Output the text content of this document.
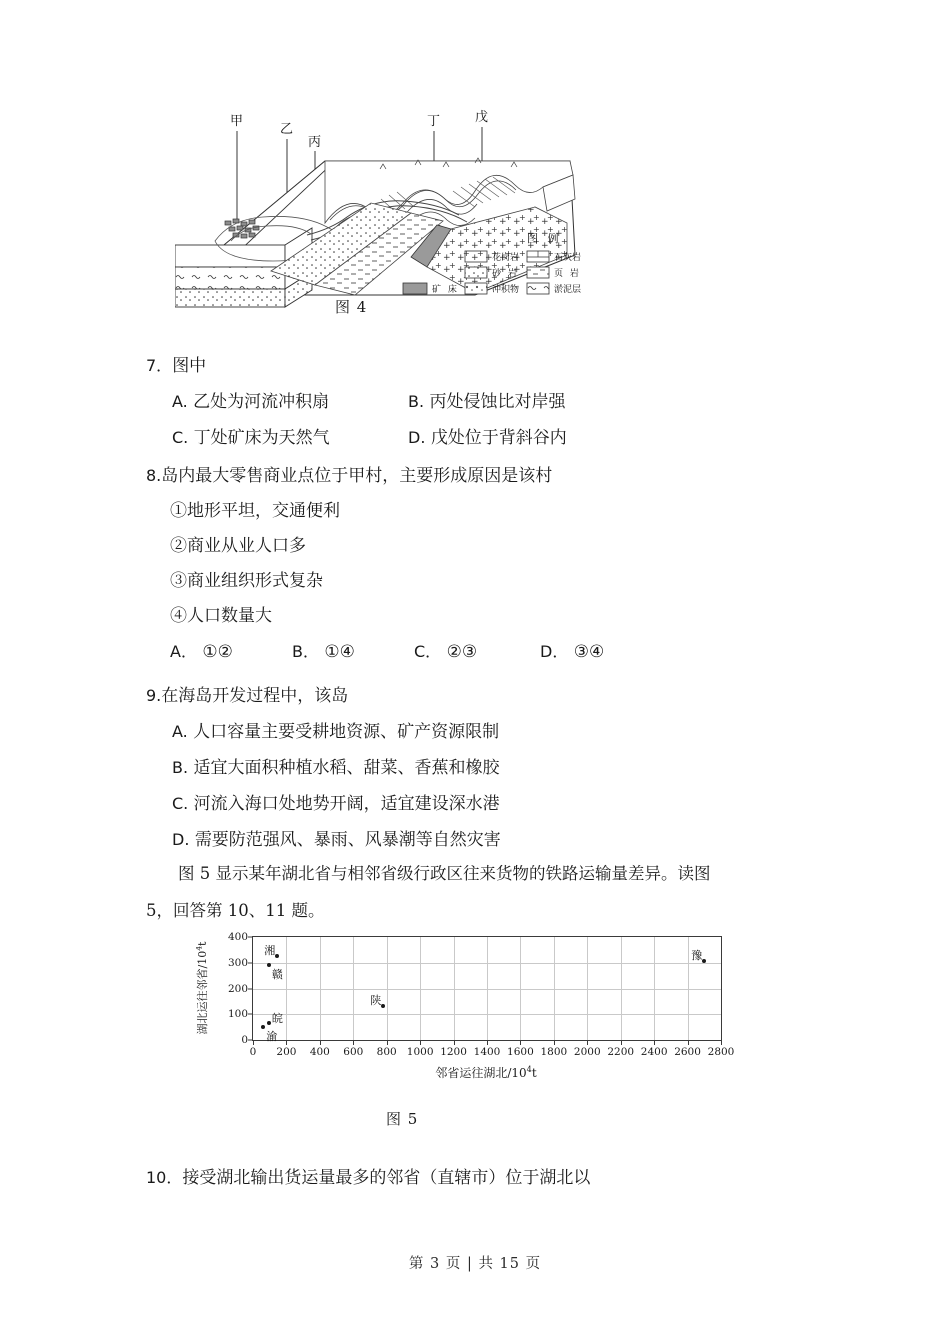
甲
乙
丙
丁	戊
图 例
花岗岩	石灰岩
砂 岩	页 岩
矿 床	冲积物	淤泥层
图 4
7．图中
A. 乙处为河流冲积扇	B. 丙处侵蚀比对岸强
C. 丁处矿床为天然气	D. 戊处位于背斜谷内
8.岛内最大零售商业点位于甲村，主要形成原因是该村
①地形平坦，交通便利
②商业从业人口多
③商业组织形式复杂
④人口数量大
A． ①②	B． ①④	C． ②③	D． ③④
9.在海岛开发过程中，该岛
A. 人口容量主要受耕地资源、矿产资源限制
B. 适宜大面积种植水稻、甜菜、香蕉和橡胶
C. 河流入海口处地势开阔，适宜建设深水港
D. 需要防范强风、暴雨、风暴潮等自然灾害
图 5 显示某年湖北省与相邻省级行政区往来货物的铁路运输量差异。读图
5，回答第 10、11 题。
湖北运往邻省$/10^4t$
0 200 400 600 800 1000 1200 1400 1600 1800 2000 2200 2400 2600 2800
0
100
200
300
400
湘
赣
皖
渝
陕
豫
邻省运往湖北$/10^4t$
图 5
10．接受湖北输出货运量最多的邻省（直辖市）位于湖北以
第 3 页 | 共 15 页
